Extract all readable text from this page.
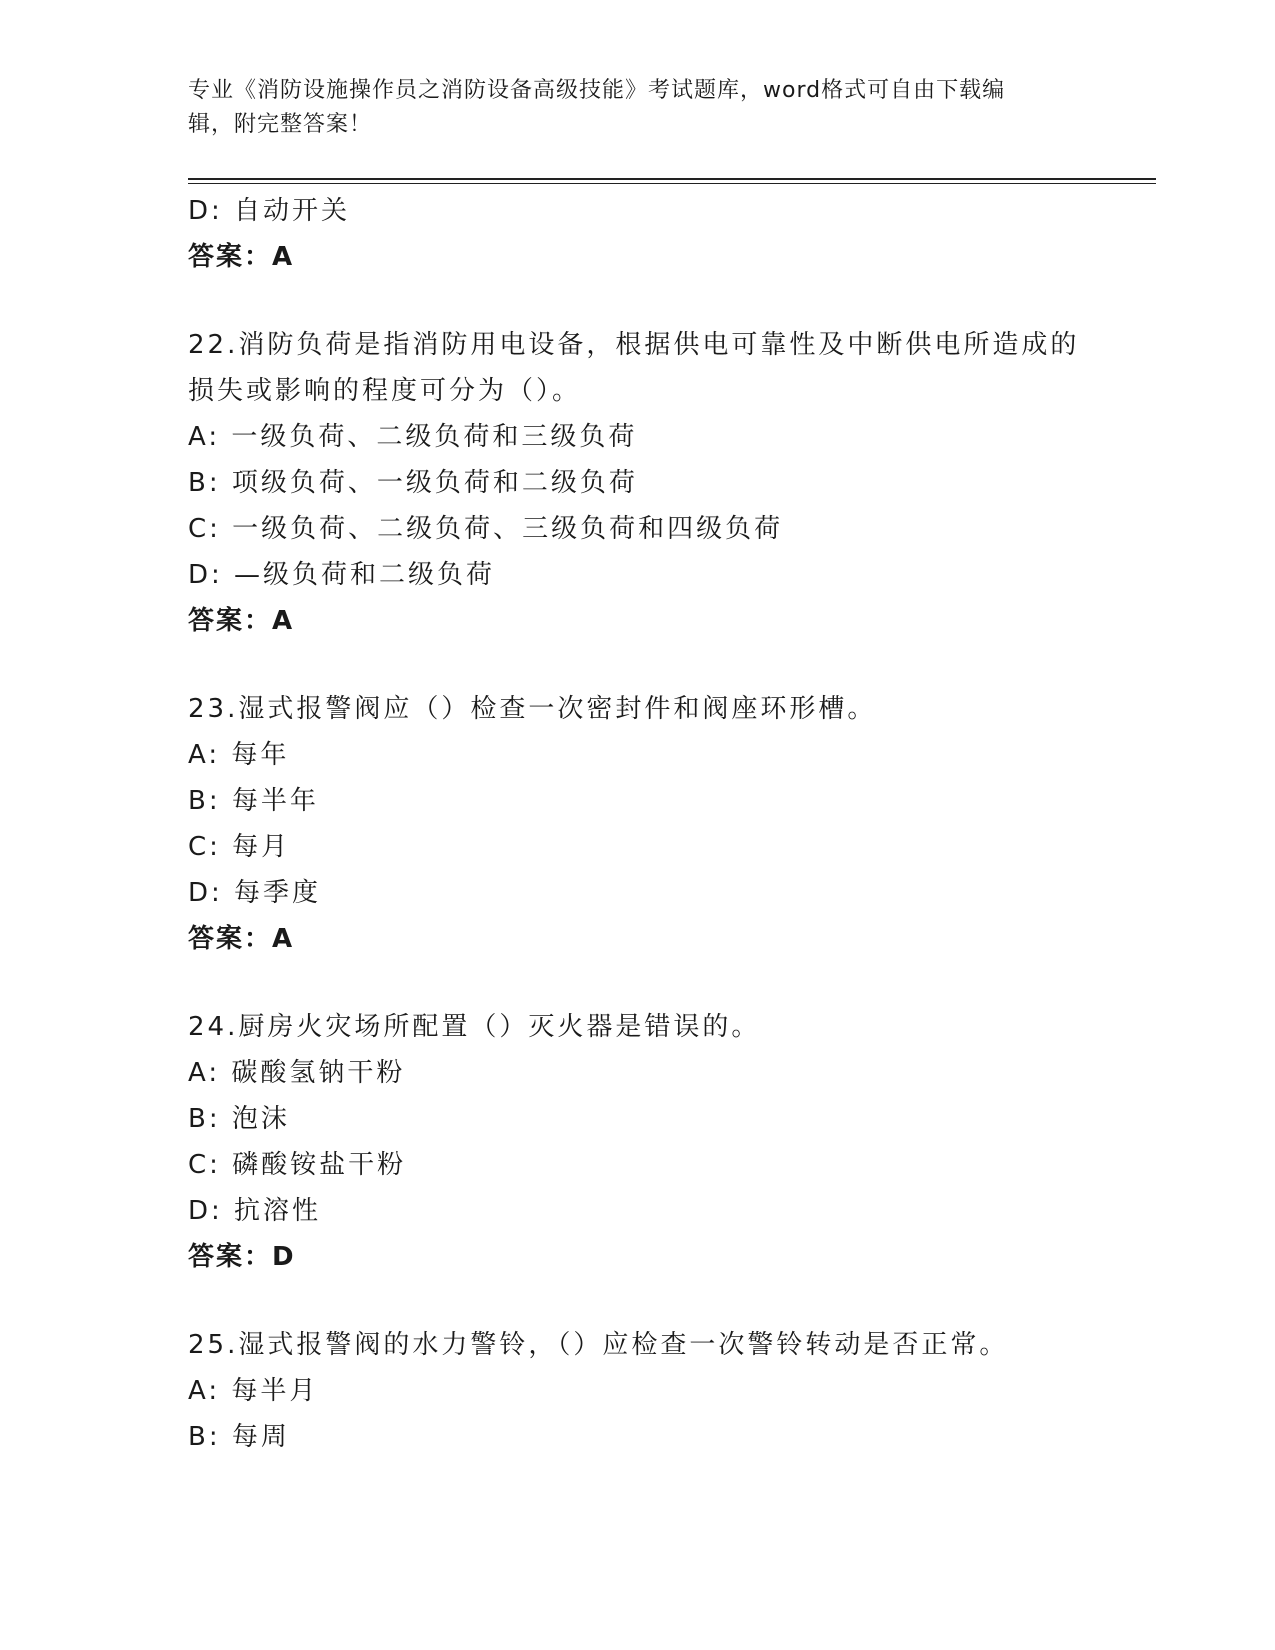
专业《消防设施操作员之消防设备高级技能》考试题库，word格式可自由下载编
辑，附完整答案！
D: 自动开关
答案：A
22.消防负荷是指消防用电设备，根据供电可靠性及中断供电所造成的
损失或影响的程度可分为（）。
A: 一级负荷、二级负荷和三级负荷
B: 项级负荷、一级负荷和二级负荷
C: 一级负荷、二级负荷、三级负荷和四级负荷
D: —级负荷和二级负荷
答案：A
23.湿式报警阀应（）检查一次密封件和阀座环形槽。
A: 每年
B: 每半年
C: 每月
D: 每季度
答案：A
24.厨房火灾场所配置（）灭火器是错误的。
A: 碳酸氢钠干粉
B: 泡沫
C: 磷酸铵盐干粉
D: 抗溶性
答案：D
25.湿式报警阀的水力警铃，（）应检查一次警铃转动是否正常。
A: 每半月
B: 每周
